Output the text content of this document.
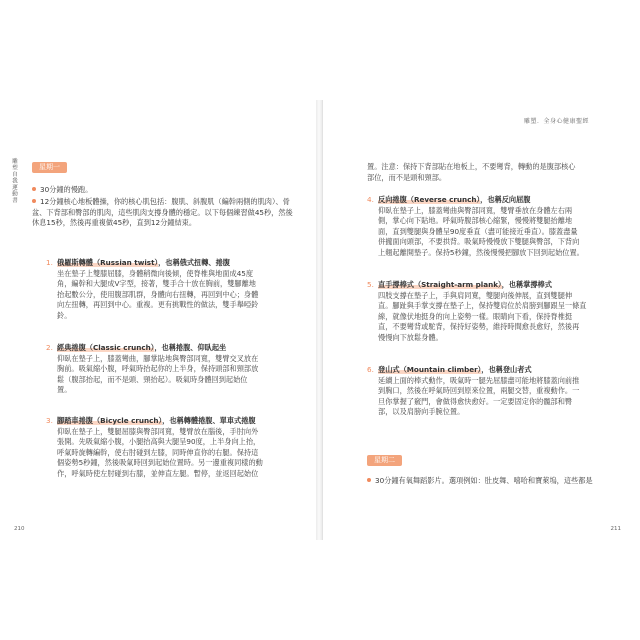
雕塑自我運動書	星期一
30分鐘的慢跑。
12分鐘核心地板體操，你的核心肌包括：腹肌、斜腹肌（編幹兩側的肌肉）、骨盆、下背部和臀部的肌肉，這些肌肉支撐身體的穩定。以下每個練習做45秒，然後休息15秒，然後再重複做45秒，直到12分鐘結束。
1. 俄羅斯轉體（Russian twist），也稱俄式扭轉、捲腹
坐在墊子上雙膝屈膝，身體稍微向後傾，使脊椎與地面成45度
角，編幹和大腿成V字型，接著，雙手合十放在胸前，雙腳離地
抬起數公分，使用腹部肌群，身體向右扭轉，再回到中心；身體
向左扭轉，再回到中心。重複。更有挑戰性的做法，雙手舉啞鈴
鈴。
2. 經典捲腹（Classic crunch），也稱捲腹、仰臥起坐
仰臥在墊子上，膝蓋彎曲，腳掌貼地與臀部同寬，雙臂交叉放在
胸前。吸氣縮小腹，呼氣時抬起你的上半身，保持頭部和頸部放
鬆（腹部抬起，而不是頭、頸抬起）。吸氣時身體回到起始位
置。
3. 腳踏車捲腹（Bicycle crunch），也稱轉體捲腹、單車式捲腹
仰臥在墊子上，雙腿屈膝與臀部同寬，雙臂放在腦後，手肘向外
張開。先吸氣縮小腹，小腿抬高與大腿呈90度，上半身向上抬，
呼氣時旋轉編幹，使右肘碰到左膝，同時伸直你的右腿。保持這
個姿勢5秒鐘，然後吸氣時回到起始位置時。另一邊重複同樣的動
作，呼氣時使左肘碰到右膝，並伸直左腿。暫停，並返回起始位
210
雕塑．全身心健康聖經
置。注意：保持下背部貼在地板上，不要彎背，轉動的是腹部核心
部位，而不是頭和頸部。
4. 反向捲腹（Reverse crunch），也稱反向屈腹
仰臥在墊子上，膝蓋彎曲與臀部同寬，雙臂垂放在身體左右兩
側，掌心向下貼地。呼氣時腹部核心縮緊，慢慢將雙腿抬離地
面，直到雙腿與身體呈90度垂直（盡可能接近垂直）。膝蓋盡量
併攏面向頭部，不要拱背。吸氣時慢慢放下雙腿與臀部，下背向
上翹起離開墊子。保持5秒鐘，然後慢慢把腳放下回到起始位置。
5. 直手撐棒式（Straight-arm plank），也稱掌撐棒式
四肢支撐在墊子上，手與肩同寬，雙腿向後伸展，直到雙腿伸
直。腳趾與手掌支撐在墊子上，保持雙肩位於肩膀到腳跟呈一條直
線，就像伏地挺身的向上姿勢一樣。眼睛向下看，保持脊椎挺
直，不要彎背或駝背，保持好姿勢，維持時間愈長愈好，然後再
慢慢向下放鬆身體。
6. 登山式（Mountain climber），也稱登山者式
延續上面的棒式動作，吸氣時一腿先屈膝盡可能地將膝蓋向前推
到胸口，然後在呼氣時回到原來位置，兩腿交替，重複動作。一
旦你掌握了竅門，會做得愈快愈好。一定要固定你的髖部和臀
部，以及肩膀向手腕位置。
星期二
30分鐘有氧舞蹈影片。選項例如：肚皮舞、嘻哈和寶萊塢，這些都是
211
